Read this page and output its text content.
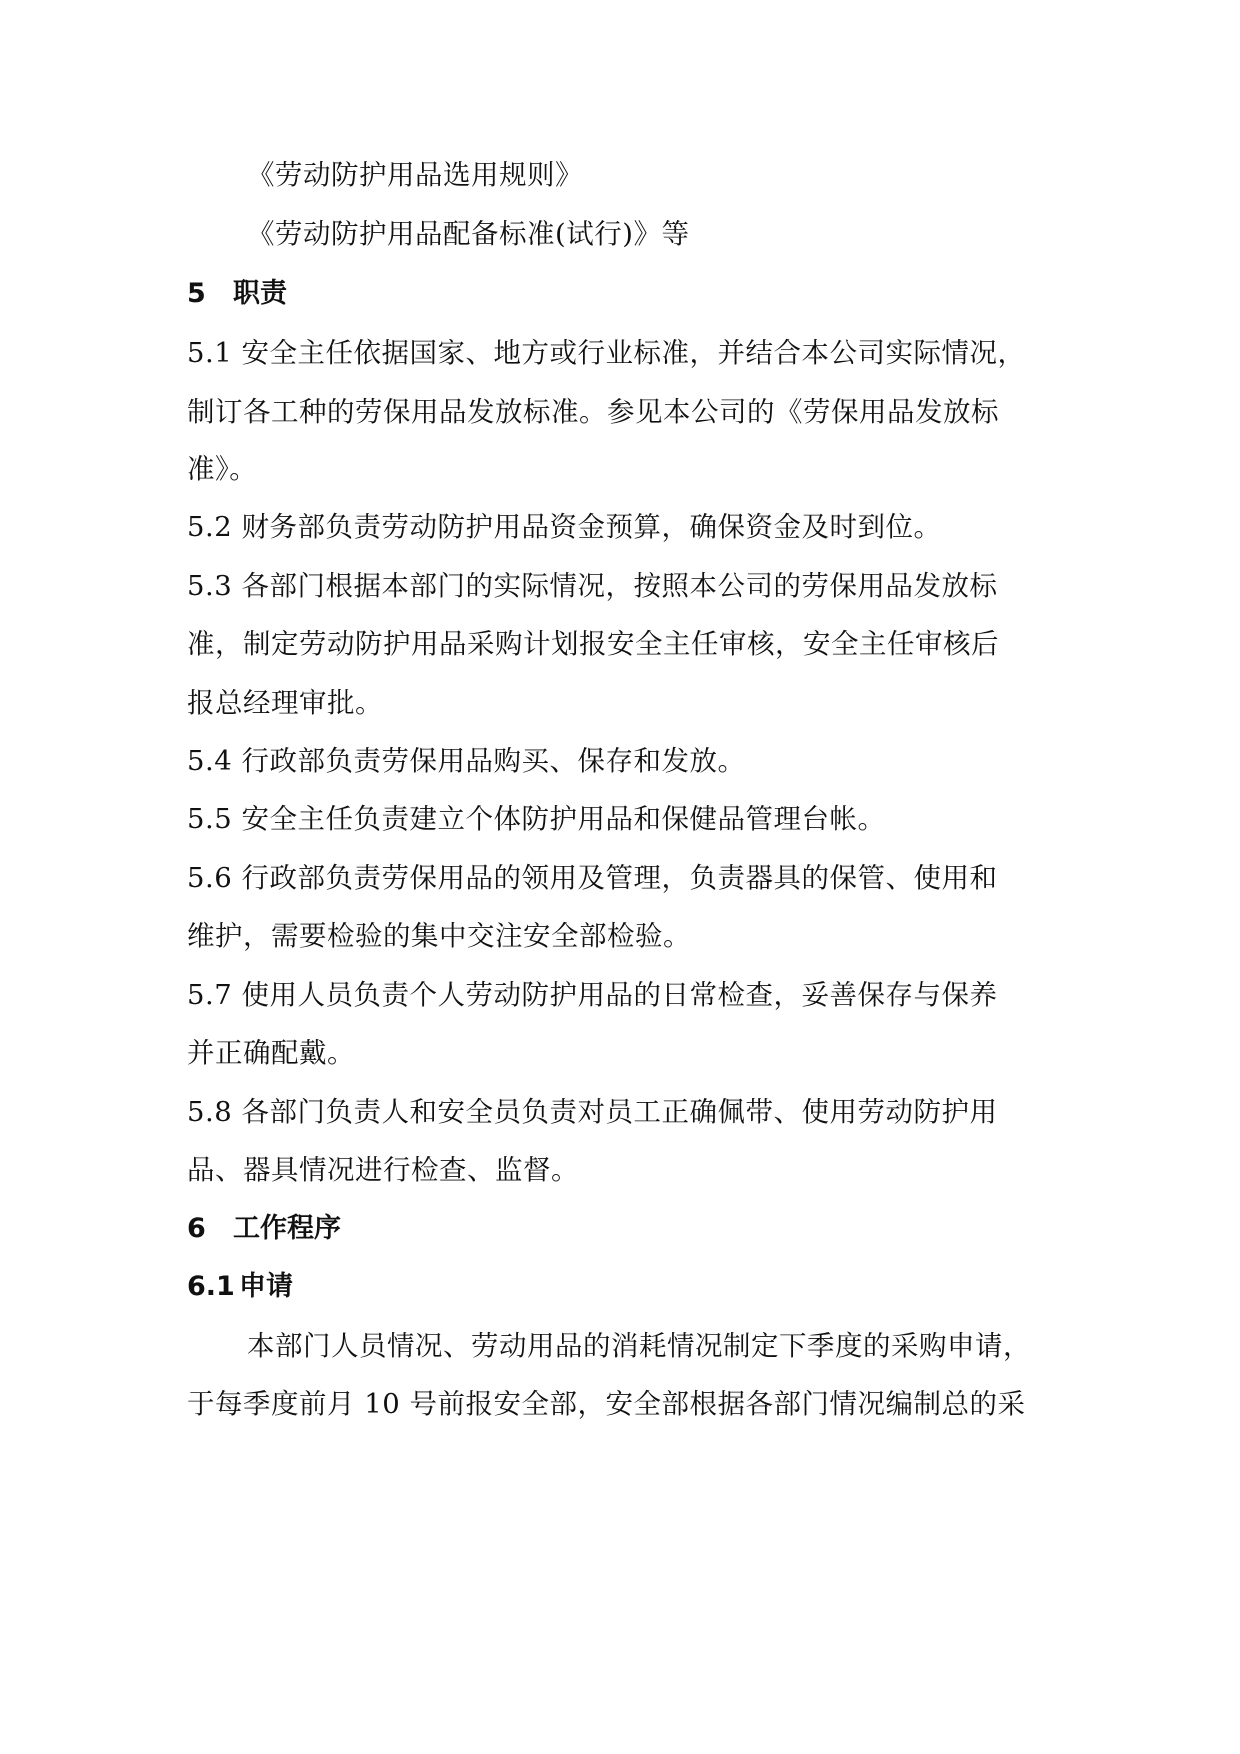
《劳动防护用品选用规则》
《劳动防护用品配备标准(试行)》等
5 职责
5.1 安全主任依据国家、地方或行业标准，并结合本公司实际情况，
制订各工种的劳保用品发放标准。参见本公司的《劳保用品发放标
准》。
5.2 财务部负责劳动防护用品资金预算，确保资金及时到位。
5.3 各部门根据本部门的实际情况，按照本公司的劳保用品发放标
准，制定劳动防护用品采购计划报安全主任审核，安全主任审核后
报总经理审批。
5.4 行政部负责劳保用品购买、保存和发放。
5.5 安全主任负责建立个体防护用品和保健品管理台帐。
5.6 行政部负责劳保用品的领用及管理，负责器具的保管、使用和
维护，需要检验的集中交注安全部检验。
5.7 使用人员负责个人劳动防护用品的日常检查，妥善保存与保养
并正确配戴。
5.8 各部门负责人和安全员负责对员工正确佩带、使用劳动防护用
品、器具情况进行检查、监督。
6 工作程序
6.1 申请
本部门人员情况、劳动用品的消耗情况制定下季度的采购申请，
于每季度前月 10 号前报安全部，安全部根据各部门情况编制总的采
